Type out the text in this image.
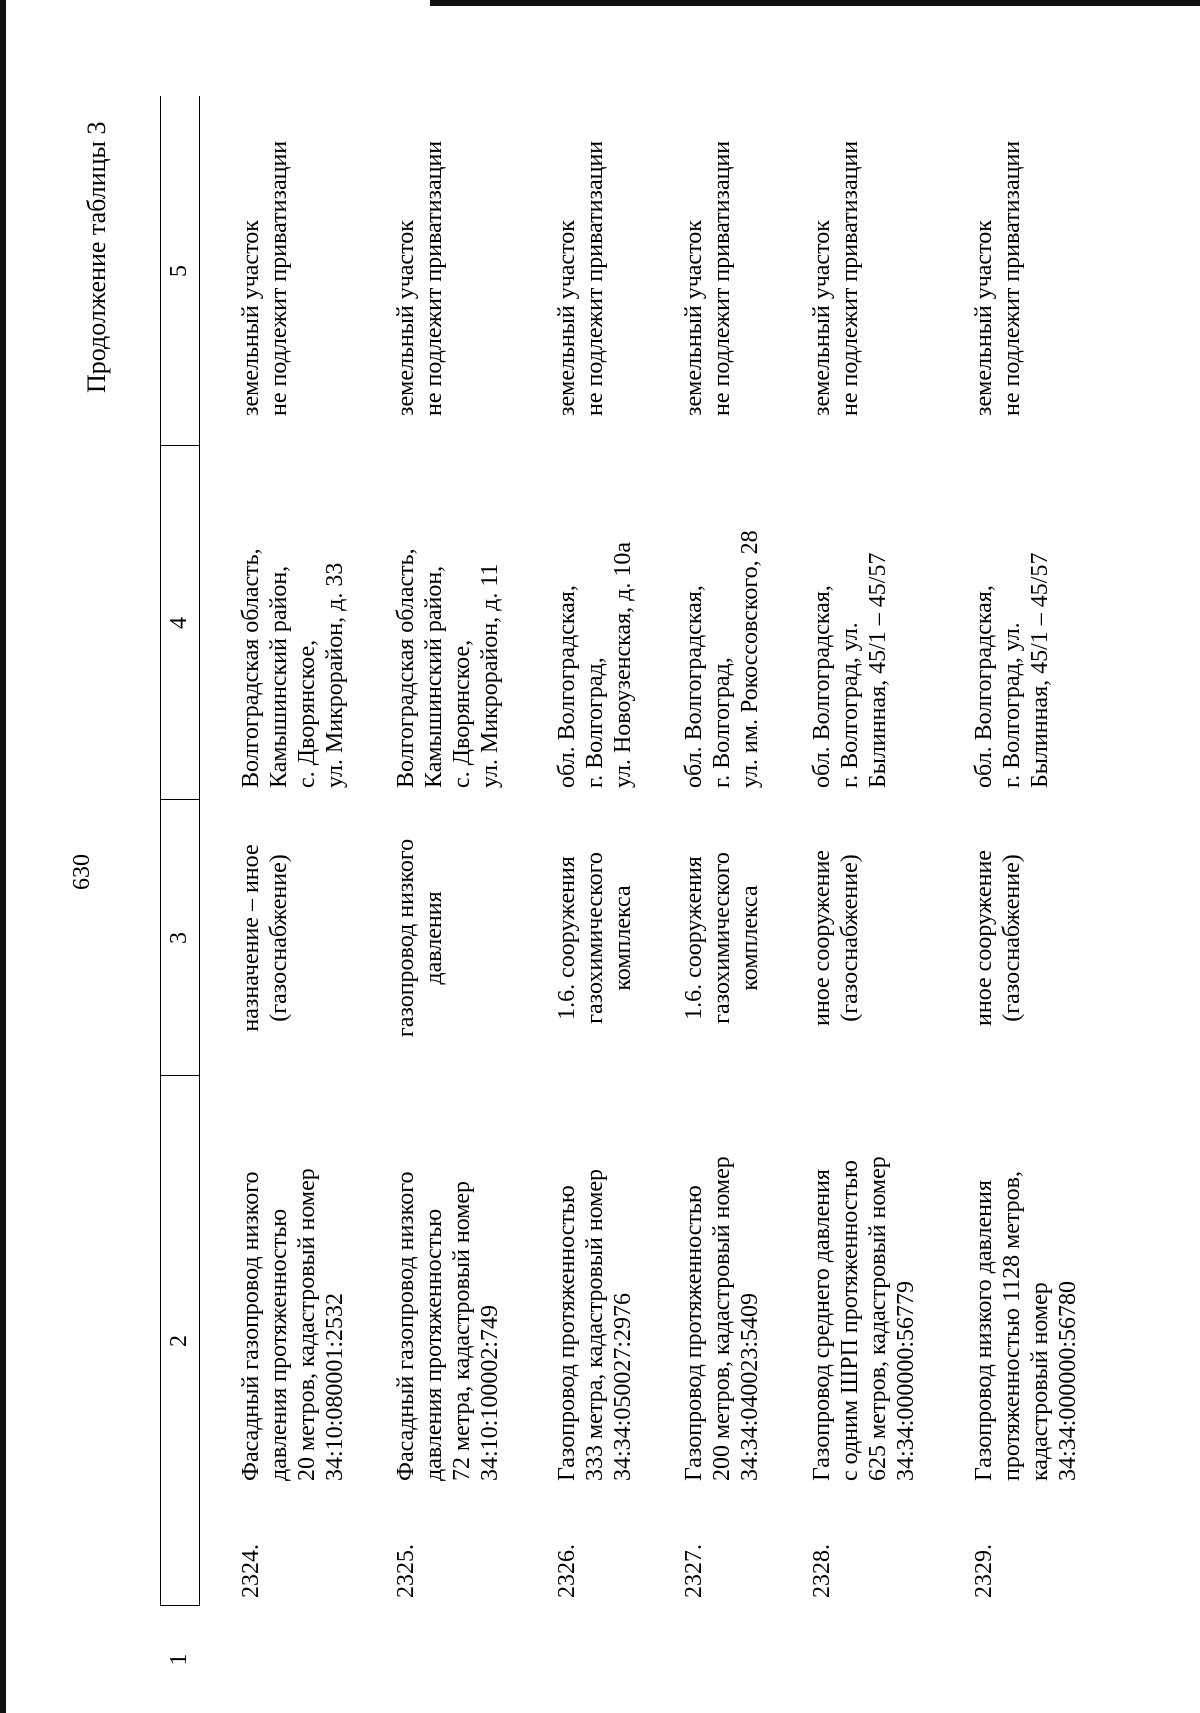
630
Продолжение таблицы 3
1
2
3
4
5
2324.
Фасадный газопровод низкого давления протяженностью 20 метров, кадастровый номер 34:10:080001:2532
назначение – иное (газоснабжение)
Волгоградская область, Камышинский район, с. Дворянское, ул. Микрорайон, д. 33
земельный участок не подлежит приватизации
2325.
Фасадный газопровод низкого давления протяженностью 72 метра, кадастровый номер 34:10:100002:749
газопровод низкого давления
Волгоградская область, Камышинский район, с. Дворянское, ул. Микрорайон, д. 11
земельный участок не подлежит приватизации
2326.
Газопровод протяженностью 333 метра, кадастровый номер 34:34:050027:2976
1.6. сооружения газохимического комплекса
обл. Волгоградская, г. Волгоград, ул. Новоузенская, д. 10а
земельный участок не подлежит приватизации
2327.
Газопровод протяженностью 200 метров, кадастровый номер 34:34:040023:5409
1.6. сооружения газохимического комплекса
обл. Волгоградская, г. Волгоград, ул. им. Рокоссовского, 28
земельный участок не подлежит приватизации
2328.
Газопровод среднего давления с одним ШРП протяженностью 625 метров, кадастровый номер 34:34:000000:56779
иное сооружение (газоснабжение)
обл. Волгоградская, г. Волгоград, ул. Былинная, 45/1 – 45/57
земельный участок не подлежит приватизации
2329.
Газопровод низкого давления протяженностью 1128 метров, кадастровый номер 34:34:000000:56780
иное сооружение (газоснабжение)
обл. Волгоградская, г. Волгоград, ул. Былинная, 45/1 – 45/57
земельный участок не подлежит приватизации
